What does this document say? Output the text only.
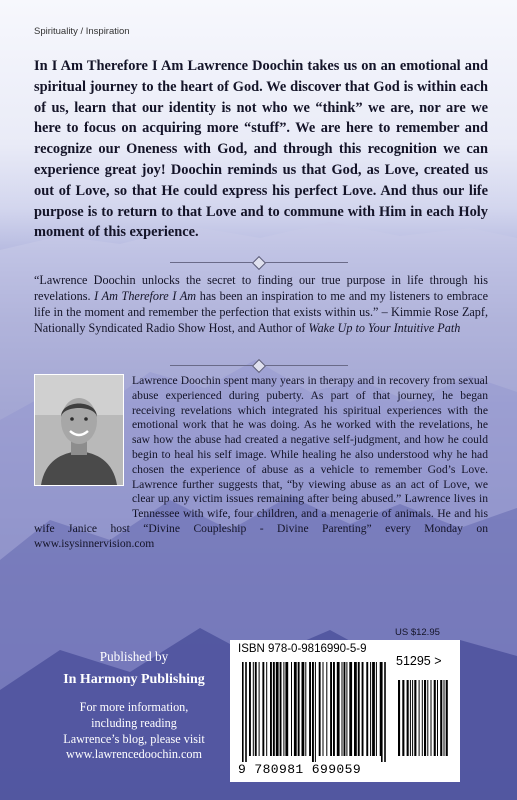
Spirituality / Inspiration

In I Am Therefore I Am Lawrence Doochin takes us on an emotional and spiritual journey to the heart of God. We discover that God is within each of us, learn that our identity is not who we “think” we are, nor are we here to focus on acquiring more “stuff”. We are here to remember and recognize our Oneness with God, and through this recognition we can experience great joy! Doochin reminds us that God, as Love, created us out of Love, so that He could express his perfect Love. And thus our life purpose is to return to that Love and to commune with Him in each Holy moment of this experience.

“Lawrence Doochin unlocks the secret to finding our true purpose in life through his revelations. I Am Therefore I Am has been an inspiration to me and my listeners to embrace life in the moment and remember the perfection that exists within us.” – Kimmie Rose Zapf, Nationally Syndicated Radio Show Host, and Author of Wake Up to Your Intuitive Path

Lawrence Doochin spent many years in therapy and in recovery from sexual abuse experienced during puberty. As part of that journey, he began receiving revelations which integrated his spiritual experiences with the emotional work that he was doing. As he worked with the revelations, he saw how the abuse had created a negative self-judgment, and how he could begin to heal his self image. While healing he also understood why he had chosen the experience of abuse as a vehicle to remember God’s Love. Lawrence further suggests that, “by viewing abuse as an act of Love, we clear up any victim issues remaining after being abused.” Lawrence lives in Tennessee with wife, four children, and a menagerie of animals. He and his wife Janice host “Divine Coupleship - Divine Parenting” every Monday on www.isysinnervision.com

US $12.95
ISBN 978-0-9816990-5-9
9 780981 699059
51295 >
Published by
In Harmony Publishing
For more information,
including reading
Lawrence’s blog, please visit
www.lawrencedoochin.com
